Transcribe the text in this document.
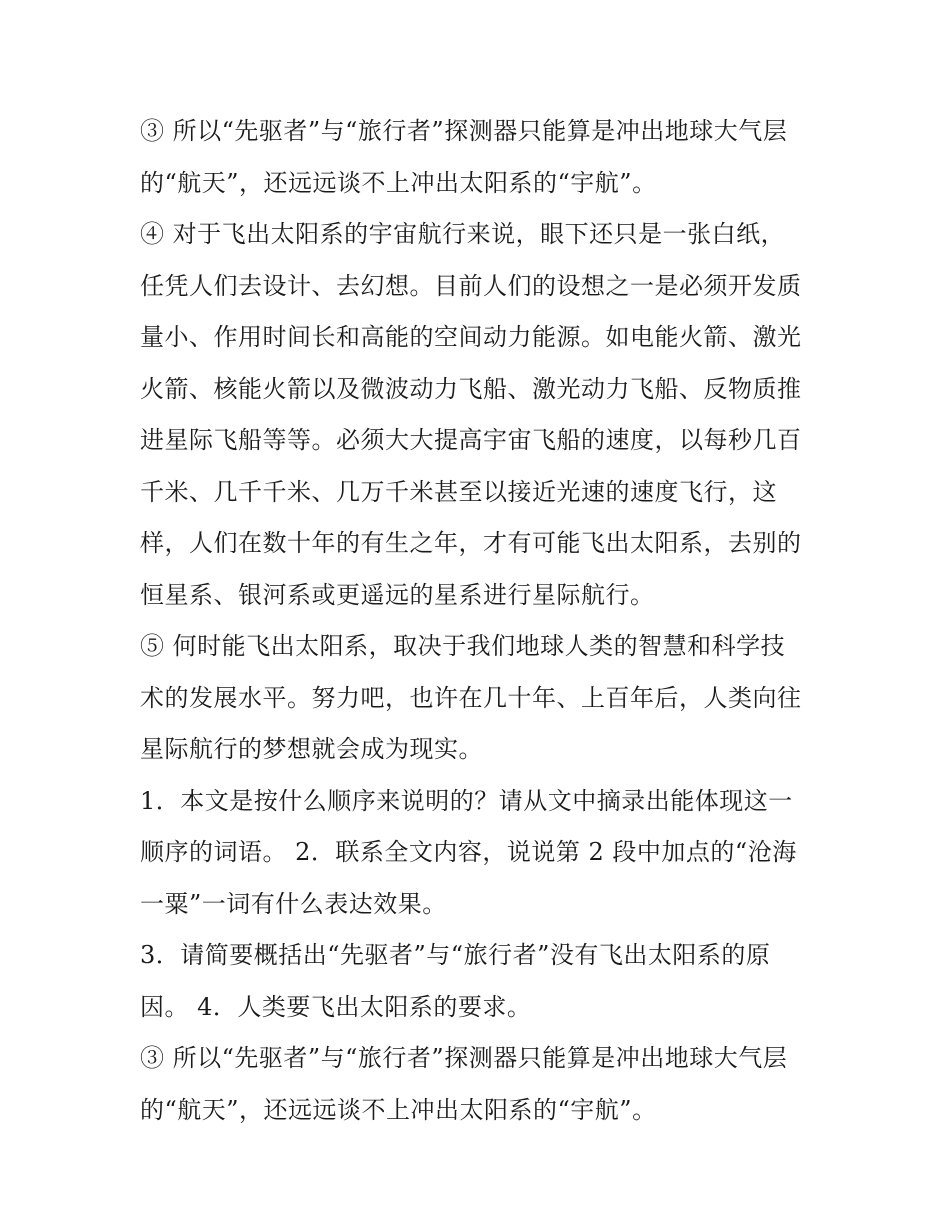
③ 所以“先驱者”与“旅行者”探测器只能算是冲出地球大气层
的“航天”，还远远谈不上冲出太阳系的“宇航”。

④ 对于飞出太阳系的宇宙航行来说，眼下还只是一张白纸，
任凭人们去设计、去幻想。目前人们的设想之一是必须开发质
量小、作用时间长和高能的空间动力能源。如电能火箭、激光
火箭、核能火箭以及微波动力飞船、激光动力飞船、反物质推
进星际飞船等等。必须大大提高宇宙飞船的速度，以每秒几百
千米、几千千米、几万千米甚至以接近光速的速度飞行，这
样，人们在数十年的有生之年，才有可能飞出太阳系，去别的
恒星系、银河系或更遥远的星系进行星际航行。

⑤ 何时能飞出太阳系，取决于我们地球人类的智慧和科学技
术的发展水平。努力吧，也许在几十年、上百年后，人类向往
星际航行的梦想就会成为现实。

1．本文是按什么顺序来说明的？请从文中摘录出能体现这一
顺序的词语。 2．联系全文内容，说说第 2 段中加点的“沧海
一粟”一词有什么表达效果。

3．请简要概括出“先驱者”与“旅行者”没有飞出太阳系的原
因。 4．人类要飞出太阳系的要求。

③ 所以“先驱者”与“旅行者”探测器只能算是冲出地球大气层
的“航天”，还远远谈不上冲出太阳系的“宇航”。
